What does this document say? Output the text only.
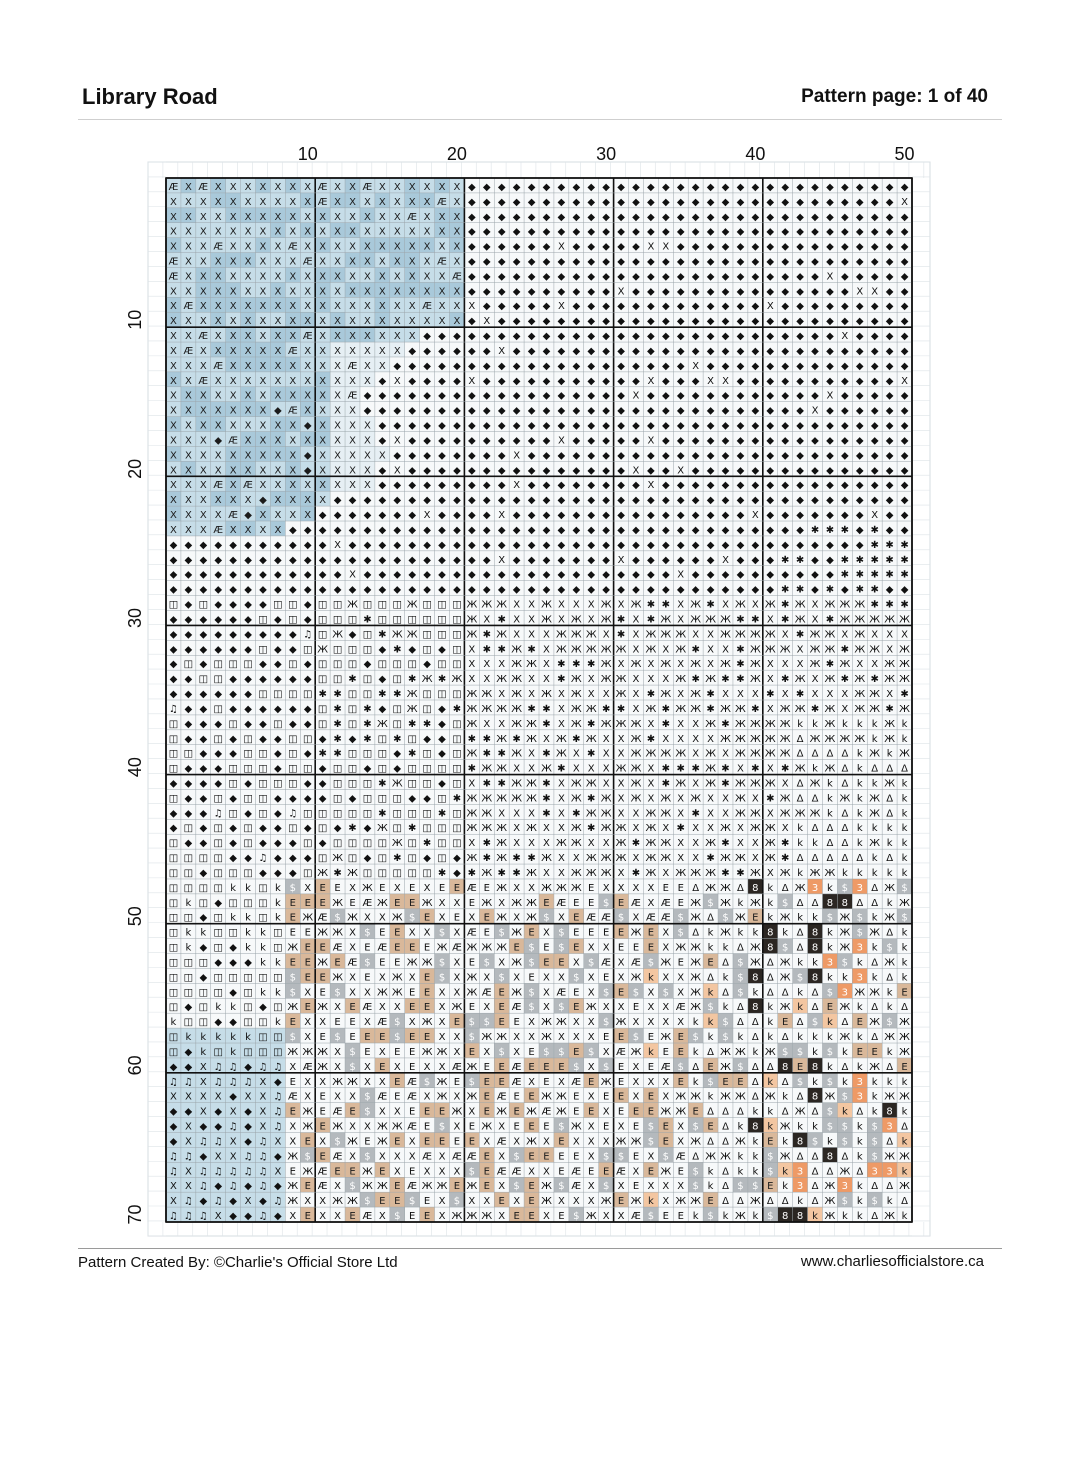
Library Road	Pattern page: 1 of 40
Æ X Æ X X X X X X X Æ X X Æ X X X X X X ◆ ◆ ◆ ◆ ◆ ◆ ◆ ◆ ◆ ◆ ◆ ◆ ◆ ◆ ◆ ◆ ◆ ◆ ◆ ◆ ◆ ◆ ◆ ◆ ◆ ◆ ◆ ◆ ◆ ◆
X X X X X X X X X X Æ X X X X X X X Æ X ◆ ◆ ◆ ◆ ◆ ◆ ◆ ◆ ◆ ◆ ◆ ◆ ◆ ◆ ◆ ◆ ◆ ◆ ◆ ◆ ◆ ◆ ◆ ◆ ◆ ◆ ◆ ◆ ◆ X
X X X X X X X X X X X X X X X X Æ X X X ◆ ◆ ◆ ◆ ◆ ◆ ◆ ◆ ◆ ◆ ◆ ◆ ◆ ◆ ◆ ◆ ◆ ◆ ◆ ◆ ◆ ◆ ◆ ◆ ◆ ◆ ◆ ◆ ◆ ◆
X X X X X X X X X X X X X X X X X X X X ◆ ◆ ◆ ◆ ◆ ◆ ◆ ◆ ◆ ◆ ◆ ◆ ◆ ◆ ◆ ◆ ◆ ◆ ◆ ◆ ◆ ◆ ◆ ◆ ◆ ◆ ◆ ◆ ◆ ◆
X X X Æ X X X X Æ X X X X X X X X X X X ◆ ◆ ◆ ◆ ◆ ◆ X ◆ ◆ ◆ ◆ ◆ X X ◆ ◆ ◆ ◆ ◆ ◆ ◆ ◆ ◆ ◆ ◆ ◆ ◆ ◆ ◆ ◆
Æ X X X X X X X X Æ X X X X X X X X Æ X ◆ ◆ ◆ ◆ ◆ ◆ ◆ ◆ ◆ ◆ ◆ ◆ ◆ ◆ ◆ ◆ ◆ ◆ ◆ ◆ ◆ ◆ ◆ ◆ ◆ ◆ ◆ ◆ ◆ ◆
Æ X X X X X X X X X X X X X X X X X X Æ ◆ ◆ ◆ ◆ ◆ ◆ ◆ ◆ ◆ ◆ ◆ ◆ ◆ ◆ ◆ ◆ ◆ ◆ ◆ ◆ ◆ ◆ ◆ ◆ X ◆ ◆ ◆ ◆ ◆
X X X X X X X X X X X X X X X X X X X X ◆ ◆ ◆ ◆ ◆ ◆ ◆ ◆ ◆ ◆ X ◆ ◆ ◆ ◆ ◆ ◆ ◆ ◆ ◆ ◆ ◆ ◆ ◆ ◆ ◆ X X ◆ ◆
X Æ X X X X X X X X X X X X X X X Æ X X X ◆ ◆ ◆ ◆ ◆ X ◆ ◆ ◆ ◆ ◆ ◆ ◆ ◆ ◆ ◆ ◆ ◆ ◆ X ◆ ◆ ◆ ◆ ◆ ◆ ◆ ◆ ◆
X X X X X X X X X X X X X X X X X X X X ◆ X ◆ ◆ ◆ ◆ ◆ ◆ ◆ ◆ ◆ ◆ ◆ ◆ ◆ ◆ ◆ ◆ ◆ ◆ ◆ ◆ ◆ ◆ ◆ ◆ ◆ ◆ ◆ ◆
X X Æ X X X X X X Æ X X X X X X X ◆ ◆ ◆ ◆ ◆ ◆ ◆ ◆ ◆ ◆ ◆ ◆ ◆ ◆ ◆ ◆ ◆ ◆ ◆ ◆ ◆ ◆ ◆ ◆ ◆ ◆ ◆ ◆ X ◆ ◆ ◆ ◆
X Æ X X X X X X Æ X X X X X X X ◆ ◆ ◆ ◆ ◆ ◆ X ◆ ◆ ◆ ◆ ◆ ◆ ◆ ◆ ◆ ◆ ◆ ◆ ◆ ◆ ◆ ◆ ◆ ◆ ◆ ◆ ◆ ◆ ◆ ◆ ◆ ◆ ◆
X X X Æ X X X X X X X X Æ X X ◆ ◆ ◆ ◆ ◆ ◆ ◆ ◆ ◆ ◆ ◆ ◆ ◆ ◆ ◆ ◆ ◆ ◆ ◆ ◆ X ◆ ◆ ◆ ◆ ◆ ◆ ◆ ◆ ◆ ◆ ◆ ◆ ◆ ◆
X X Æ X X X X X X X X X X X ◆ X ◆ ◆ ◆ ◆ X ◆ ◆ ◆ ◆ ◆ ◆ ◆ ◆ ◆ ◆ ◆ X ◆ ◆ ◆ X X ◆ ◆ ◆ ◆ ◆ ◆ ◆ ◆ ◆ ◆ ◆ X
X X X X X X X X X X X X Æ ◆ ◆ ◆ ◆ ◆ ◆ ◆ ◆ ◆ ◆ ◆ ◆ ◆ ◆ ◆ ◆ ◆ ◆ X ◆ ◆ ◆ ◆ ◆ ◆ ◆ ◆ ◆ ◆ ◆ ◆ X ◆ ◆ ◆ ◆ ◆
X X X X X X X ◆ Æ X X X X ◆ ◆ ◆ ◆ ◆ ◆ ◆ ◆ ◆ ◆ ◆ ◆ ◆ ◆ ◆ ◆ ◆ ◆ ◆ ◆ ◆ ◆ ◆ ◆ ◆ ◆ ◆ ◆ ◆ ◆ X ◆ ◆ ◆ ◆ ◆ ◆
X X X X X X X X X ◆ X X X X ◆ ◆ ◆ ◆ ◆ ◆ ◆ ◆ ◆ ◆ ◆ ◆ ◆ ◆ ◆ ◆ ◆ ◆ ◆ ◆ ◆ ◆ ◆ ◆ ◆ ◆ ◆ ◆ ◆ ◆ ◆ ◆ ◆ ◆ ◆ ◆
X X X ◆ Æ X X X X X X X X X ◆ X ◆ ◆ ◆ ◆ ◆ ◆ ◆ ◆ ◆ ◆ X ◆ ◆ ◆ ◆ ◆ X ◆ ◆ ◆ ◆ ◆ ◆ ◆ ◆ ◆ ◆ ◆ ◆ ◆ ◆ ◆ ◆ ◆
X X X X X X X X X ◆ X X X X X ◆ ◆ ◆ ◆ ◆ ◆ ◆ ◆ X ◆ ◆ ◆ ◆ ◆ ◆ ◆ ◆ ◆ ◆ ◆ ◆ ◆ ◆ ◆ ◆ ◆ ◆ ◆ ◆ ◆ ◆ ◆ ◆ ◆ ◆
X X X X X X X X X ◆ X X X X ◆ X ◆ ◆ ◆ ◆ ◆ ◆ ◆ ◆ ◆ ◆ ◆ ◆ ◆ ◆ ◆ X ◆ ◆ X ◆ ◆ ◆ ◆ ◆ ◆ ◆ ◆ ◆ ◆ ◆ ◆ ◆ ◆ ◆
X X X Æ X Æ X X X X X X X X ◆ ◆ ◆ ◆ ◆ ◆ ◆ ◆ ◆ X ◆ ◆ ◆ ◆ ◆ ◆ ◆ ◆ X ◆ ◆ ◆ ◆ ◆ ◆ ◆ ◆ ◆ ◆ ◆ ◆ ◆ ◆ ◆ ◆ ◆
X X X X X X ◆ X X X X ◆ ◆ ◆ ◆ ◆ ◆ ◆ ◆ ◆ ◆ ◆ ◆ ◆ ◆ ◆ ◆ ◆ ◆ ◆ ◆ ◆ ◆ ◆ ◆ ◆ ◆ ◆ ◆ ◆ ◆ ◆ ◆ ◆ ◆ ◆ ◆ ◆ ◆ ◆
X X X X Æ ◆ X X X X ◆ ◆ ◆ ◆ ◆ ◆ ◆ X ◆ ◆ ◆ ◆ X ◆ ◆ ◆ ◆ ◆ ◆ ◆ ◆ ◆ ◆ ◆ ◆ ◆ ◆ ◆ ◆ X ◆ ◆ ◆ ◆ ◆ ◆ ◆ X ◆ ◆
X X X Æ X X X X ◆ ◆ ◆ ◆ ◆ ◆ ◆ ◆ ◆ ◆ ◆ ◆ ◆ ◆ ◆ ◆ ◆ ◆ ◆ ◆ ◆ ◆ ◆ ◆ ◆ ◆ ◆ ◆ ◆ ◆ ◆ ◆ ◆ ◆ ◆ ✱ ✱ ✱ ◆ ✱ ◆ ◆
◆ ◆ ◆ ◆ ◆ ◆ ◆ ◆ ◆ ◆ ◆ X ◆ ◆ ◆ ◆ ◆ ◆ ◆ ◆ ◆ ◆ ◆ ◆ ◆ ◆ ◆ ◆ ◆ ◆ ◆ ◆ ◆ ◆ ◆ ◆ ◆ ◆ ◆ ◆ ◆ ◆ ◆ ◆ ◆ ◆ ◆ ✱ ✱ ✱
◆ ◆ ◆ ◆ ◆ ◆ ◆ ◆ ◆ ◆ ◆ ◆ ◆ ◆ ◆ ◆ ◆ ◆ ◆ ◆ ◆ ◆ X ◆ ◆ ◆ ◆ ◆ ◆ ◆ X ◆ ◆ ◆ ◆ ◆ ◆ X ◆ ◆ ◆ ✱ ✱ ◆ ◆ ✱ ✱ ✱ ✱ ✱
◆ ◆ ◆ ◆ ◆ ◆ ◆ ◆ ◆ ◆ ◆ ◆ X ◆ ◆ ◆ ◆ ◆ ◆ ◆ ◆ ◆ ◆ ◆ ◆ ◆ ◆ ◆ ◆ ◆ ◆ ◆ ◆ ◆ X ◆ ◆ ◆ ◆ ◆ ◆ ◆ ◆ ◆ ◆ ✱ ✱ ✱ ✱ ✱
◆ ◆ ◆ ◆ ◆ ◆ ◆ ◆ ◆ ◆ ◆ ◆ ◆ ◆ ◆ ◆ ◆ ◆ ◆ ◆ ◆ ◆ ◆ ◆ ◆ ◆ ◆ ◆ ◆ ◆ ◆ ◆ ◆ ◆ ◆ ◆ ◆ ◆ ◆ ◆ ◆ ✱ ✱ ◆ ✱ ◆ ✱ ✱ ◆ ◆
◫ ◆ ◫ ◆ ◆ ◆ ◆ ◫ ◫ ◆ ◫ ◫ Ж ◫ ◫ ◫ Ж ◫ ◫ ◫ Ж Ж Ж X X Ж X X X Ж X Ж ✱ ✱ X Ж ✱ X Ж X Ж ✱ Ж X Ж Ж Ж ✱ ✱ ✱
◆ ◆ ◆ ◆ ◆ ◆ ◫ ◆ ◫ ◆ ◫ ◫ ◫ ✱ ◫ ◫ ◫ ◫ ◫ ◫ Ж X ✱ X X Ж X Ж X Ж ✱ X ✱ Ж X Ж Ж Ж ✱ ✱ X ✱ Ж X ✱ Ж Ж Ж Ж Ж
◆ ◆ ◆ ◆ ◆ ◆ ◆ ◆ ◆ ♫ ◫ Ж ◆ ◫ ✱ Ж Ж ◫ ◫ ◫ Ж ✱ Ж X X X Ж Ж Ж X ✱ X Ж Ж Ж X X Ж Ж Ж Ж X ✱ Ж Ж X Ж X X X
◆ ◆ ◆ ◆ ◆ ◆ ◫ ◆ ◆ ◫ Ж ◫ ◫ ◫ ◆ ✱ ◆ ◫ ◆ ◫ X ✱ ✱ Ж ✱ X Ж Ж Ж Ж Ж X Ж X Ж ✱ X X ✱ Ж Ж Ж X Ж Ж ✱ Ж Ж X Ж
◆ ◫ ◆ ◫ ◫ ◫ ◆ ◆ ◫ ◆ ◫ ◫ ◫ ◆ ◫ ◫ ◫ ◆ ◫ ◫ X X X Ж Ж X ✱ ✱ ✱ Ж X Ж X Ж X Ж X Ж ✱ Ж X X X Ж ✱ Ж X X Ж Ж
◆ ◆ ◫ ◫ ◆ ◆ ◆ ◆ ◆ ◆ ◫ ◫ ✱ ◫ ◆ ◫ ✱ Ж ✱ Ж X X Ж Ж X X ✱ Ж X Ж Ж X X X Ж ✱ Ж ✱ ✱ Ж X ✱ Ж X Ж ✱ Ж ✱ Ж Ж
◆ ◆ ◆ ◆ ◆ ◆ ◫ ◫ ◫ ◫ ✱ ✱ ◫ ◫ ✱ ✱ Ж ◫ ◫ ◫ Ж Ж X Ж X Ж X Ж X X Ж X ✱ Ж X Ж ✱ X X X ✱ X ✱ X X X Ж Ж X ✱
♫ ◆ ◆ ◫ ◆ ◆ ◆ ◆ ◆ ◆ ◫ ✱ ◫ ✱ ◆ ◫ Ж ◫ ◆ ✱ Ж Ж Ж Ж ✱ ✱ X Ж Ж ✱ ✱ X Ж ✱ Ж Ж ✱ Ж Ж ✱ X Ж Ж ✱ Ж X Ж Ж ✱ Ж
◫ ◆ ◆ ◆ ◫ ◆ ◆ ◫ ◆ ◆ ◫ ✱ ◫ ✱ Ж ◫ ✱ ✱ ◆ ◫ Ж X X Ж Ж ✱ X Ж ✱ Ж Ж Ж X ✱ X X Ж ✱ Ж Ж Ж Ж k k Ж k k k Ж k
◫ ◆ ◆ ◫ ◆ ◫ ◆ ◆ ◫ ◫ ◆ ✱ ◆ ✱ ◫ ✱ ◫ ◆ ◆ ◫ ✱ ✱ Ж ✱ Ж X Ж ✱ Ж X X Ж ✱ X X X X Ж Ж Ж Ж Ж Δ Ж Ж Ж Ж k Ж k
◫ ◫ ◆ ◆ ◆ ◫ ◫ ◆ ◫ ◆ ✱ ✱ ◫ ◫ ◫ ◆ ✱ ◫ ◆ ◫ Ж ✱ ✱ Ж X ✱ Ж X ✱ X X Ж Ж Ж Ж X Ж X Ж Ж Ж Ж Δ Δ Δ Δ k Ж k Ж
◫ ◆ ◆ ◆ ◫ ◫ ◫ ◆ ◫ ◫ ◆ ◫ ◫ ◆ ◫ ◆ ◫ ◫ ◫ ◫ ✱ Ж Ж X X Ж ✱ X X X Ж Ж X ✱ ✱ ✱ Ж ✱ X ✱ X ✱ Ж k Ж Δ k Δ Δ Δ
◆ ◆ ◆ ◆ ◫ ◆ ◫ ◫ ◫ ◆ ◆ ◫ ◫ ◫ ✱ Ж ◫ ◫ ◆ ◫ X ✱ ✱ Ж Ж ✱ X Ж Ж X X Ж X ✱ Ж X Ж ✱ Ж Ж Ж X Δ Ж k Δ k k Ж k
◫ ◆ ◆ ◫ ◆ ◫ ◫ ◆ ◆ ◆ ◆ ◫ ◆ ◫ ◫ ◫ ◆ ◆ ◫ ✱ Ж Ж Ж Ж Ж ✱ X Ж ✱ Ж X Ж X Ж X Ж X X Ж X ✱ Ж Δ Δ k Ж k Ж Δ k
◆ ◆ ◆ ♫ ◫ ◆ ◫ ◆ ♫ ◫ ◫ ◫ ◫ ◫ ✱ ◫ ◫ ◫ ✱ ◫ Ж Ж X X X ✱ X ✱ Ж Ж X X Ж Ж X ✱ X X Ж Ж X Ж Ж Ж k Δ k Ж Δ k
◆ ◫ ◆ ◫ ◆ ◫ ◆ ◆ ◫ ◆ ◫ ◆ ✱ ◆ Ж ◫ ✱ ◫ ◫ ◫ Ж Ж Ж X Ж X X Ж ✱ Ж Ж X Ж X ✱ X X Ж X Ж Ж X k Δ Δ Δ k k k k
◫ ◆ ◆ ◫ ◆ ◫ ◆ ◆ ◆ ◫ ◆ ◫ ◫ ◫ ◫ Ж ◫ ✱ ◫ ◫ X ✱ Ж X X X Ж Ж X X Ж ✱ Ж Ж X X Ж ✱ X X Ж ✱ k k Δ Δ k Ж k k
◫ ◫ ◫ ◫ ◆ ◆ ♫ ◆ ◆ ◆ ◫ Ж ◫ ◆ ◫ ✱ ◫ ◆ ◫ ◆ Ж ✱ Ж ✱ ✱ Ж X X Ж Ж Ж X Ж Ж X X ✱ Ж Ж X Ж ✱ Δ Δ Δ Δ Δ k Δ k
◫ ◫ ◆ ◫ ◫ ◫ ◆ ◆ ◆ ◫ Ж ✱ Ж ◫ ◫ ◫ ◫ ◫ ✱ ◆ ✱ Ж ✱ ✱ Ж X X Ж Ж Ж X ✱ Ж X Ж Ж Ж ✱ ✱ Ж X Ж k Ж Ж k k k k k
◫ ◫ ◫ ◫ k k ◫ k $ X E E X Ж E X E X E E Æ E Ж X X Ж Ж Ж E X X X X E E Δ Ж Ж Δ 8 k Δ Ж 3 k $ 3 Δ Ж $
◫ k ◫ ◆ ◫ ◫ ◫ k E E E Ж E Æ Ж E E Ж X X E Ж X Ж Ж E Æ E E $ E Æ X Æ E Ж $ Ж k Ж k $ Δ Δ 8 8 Δ Δ k Ж
◫ ◫ ◆ ◫ k k ◫ k E Ж Æ $ Ж X X Ж $ E X E X E Ж X Ж $ X E Æ Æ $ X Æ Æ $ Ж Δ $ Ж E k Ж k k $ Ж $ k Ж $
◫ k k ◫ ◫ k k ◫ E E Ж Ж X $ E E X X $ X Æ E $ Ж E X $ E E E E Ж E X $ Δ k Ж k k 8 k Δ 8 k Ж $ Ж Δ k
◫ k ◆ ◫ ◆ k k ◫ Ж E E Æ X E Æ E E E Ж Æ Ж Ж Ж E $ E $ E X X E E E X Ж Ж k k Δ Ж 8 $ Δ 8 k Ж 3 k $ k
◫ ◫ ◫ ◆ ◆ ◆ k k E E Ж E Æ $ E E Ж Ж $ X E $ X Ж $ E E X $ Æ X Æ $ Ж E Ж E Δ $ Ж Δ Ж k k 3 $ k Δ Ж k
◫ ◫ ◆ ◫ ◫ ◫ ◫ ◫ $ E E Ж X E X Ж X E $ X Ж X $ X E X X $ X E X Ж k X X Ж Δ k $ 8 Δ Ж $ 8 k k 3 k Δ k
◫ ◫ ◫ ◫ ◆ ◫ k k $ X E $ X X Ж Ж E E X X Ж Æ E Ж $ X Æ E X $ E $ X $ X Ж k Δ $ k Δ Δ k Δ $ 3 Ж Ж k E
◫ ◆ ◫ k k ◫ ◆ ◫ Ж E Ж X E Æ X X E E X Ж E X E Æ $ X $ E Ж X X E X X Æ Ж $ k Δ 8 k Ж k Δ E Ж k Δ k Δ
k ◫ ◫ ◆ ◆ ◫ ◫ k E X X E E X Æ $ X Ж X E $ $ E E X Ж Ж X X $ Ж X X X X k k $ Δ Δ k E Δ $ k Δ E Ж $ Ж
◫ k k k k k ◫ ◫ $ X E $ E E E $ E E X X $ Ж Ж X X Ж X X X E E $ E Ж E $ k $ k Δ k Δ k k k Ж k Δ Ж Ж
◫ ◆ k ◫ k ◫ ◫ ◫ Ж Ж Ж X $ E X E E Ж Ж X E X $ X E $ $ E $ X Æ Ж k E E k Δ Ж Ж k Ж $ $ k $ k E E k Ж
◆ ◆ X ♫ ♫ ◆ ♫ ♫ X Æ Ж X $ X E X E X X Æ Ж E E Æ E E E $ X $ E X E Æ $ Δ E Ж $ Δ Δ 8 E 8 k Δ k Ж Δ E
♫ ♫ X ♫ ♫ ♫ X ◆ E X X Ж Ж X X E Æ $ Ж E $ E E Æ X E X Æ E Ж E X X X E k $ E E Δ k Δ $ k $ k 3 k k k
X X X X ◆ X X ♫ Æ X E X X $ Æ E Æ X Ж X Ж E Æ E E Ж Ж E X E E X E X Ж Ж k Ж Ж Δ Ж k Δ 8 Ж $ 3 k Ж Ж
◆ ◆ X ◆ X ◆ X ♫ E Ж E Æ E $ X X E E E Ж X E Ж E Ж Æ Ж E E X E E E Ж Ж E Δ Δ Δ k k Δ Ж Δ $ k Δ k 8 k
◆ X ◆ ◆ ♫ ◆ X ♫ X Ж E Ж X X Ж Ж Æ E $ X E Ж X E E E $ Ж X E X E $ E X $ E Δ k 8 k Ж k k $ $ k $ 3 Δ
◆ X ♫ ♫ X ◆ ♫ X X E X $ Ж E Ж E X E E E E X Æ X Ж X E X X X Ж Ж $ E X Ж Δ Δ Ж k E k 8 $ k $ k $ Δ k
♫ ♫ ◆ X X ♫ ♫ ◆ Ж $ E Æ X $ X X X Æ X Æ Æ E X $ E E E E X $ $ E X $ Æ Δ Ж Ж k k $ Ж Δ Δ 8 Δ k $ Ж Ж
♫ X ♫ ♫ ♫ ♫ ♫ X E Ж Æ E E Ж E X E X X X $ E Æ Æ X X E Æ E E Æ X E Ж E $ k Δ k k $ k 3 Δ Δ Ж Δ 3 3 k
X X ♫ ◆ ♫ ◆ ♫ ◆ Ж E Æ X $ Ж Ж E Æ Ж Ж E Ж E X $ E Ж $ Æ X $ X E X X X $ k Δ $ $ E k 3 Δ Ж 3 k Δ Δ Ж
X ♫ ◆ ♫ ◆ X ◆ ♫ Ж X X Ж Ж $ E E $ E X $ X X E X E Ж X X X Ж E Ж k X Ж Ж E Δ Δ Ж Δ Δ k Δ Ж $ k $ k Δ
♫ ♫ ♫ X ◆ ◆ ♫ ◆ X E X X E Æ X $ E E X Ж Ж Ж X E E X E $ Ж X X Æ $ E E k $ k Ж k $ 8 8 k Ж k k Δ Ж k
10	20	30	40	50
10
20
30
40
50
60
70
Pattern Created By: ©Charlie's Official Store Ltd	www.charliesofficialstore.ca
